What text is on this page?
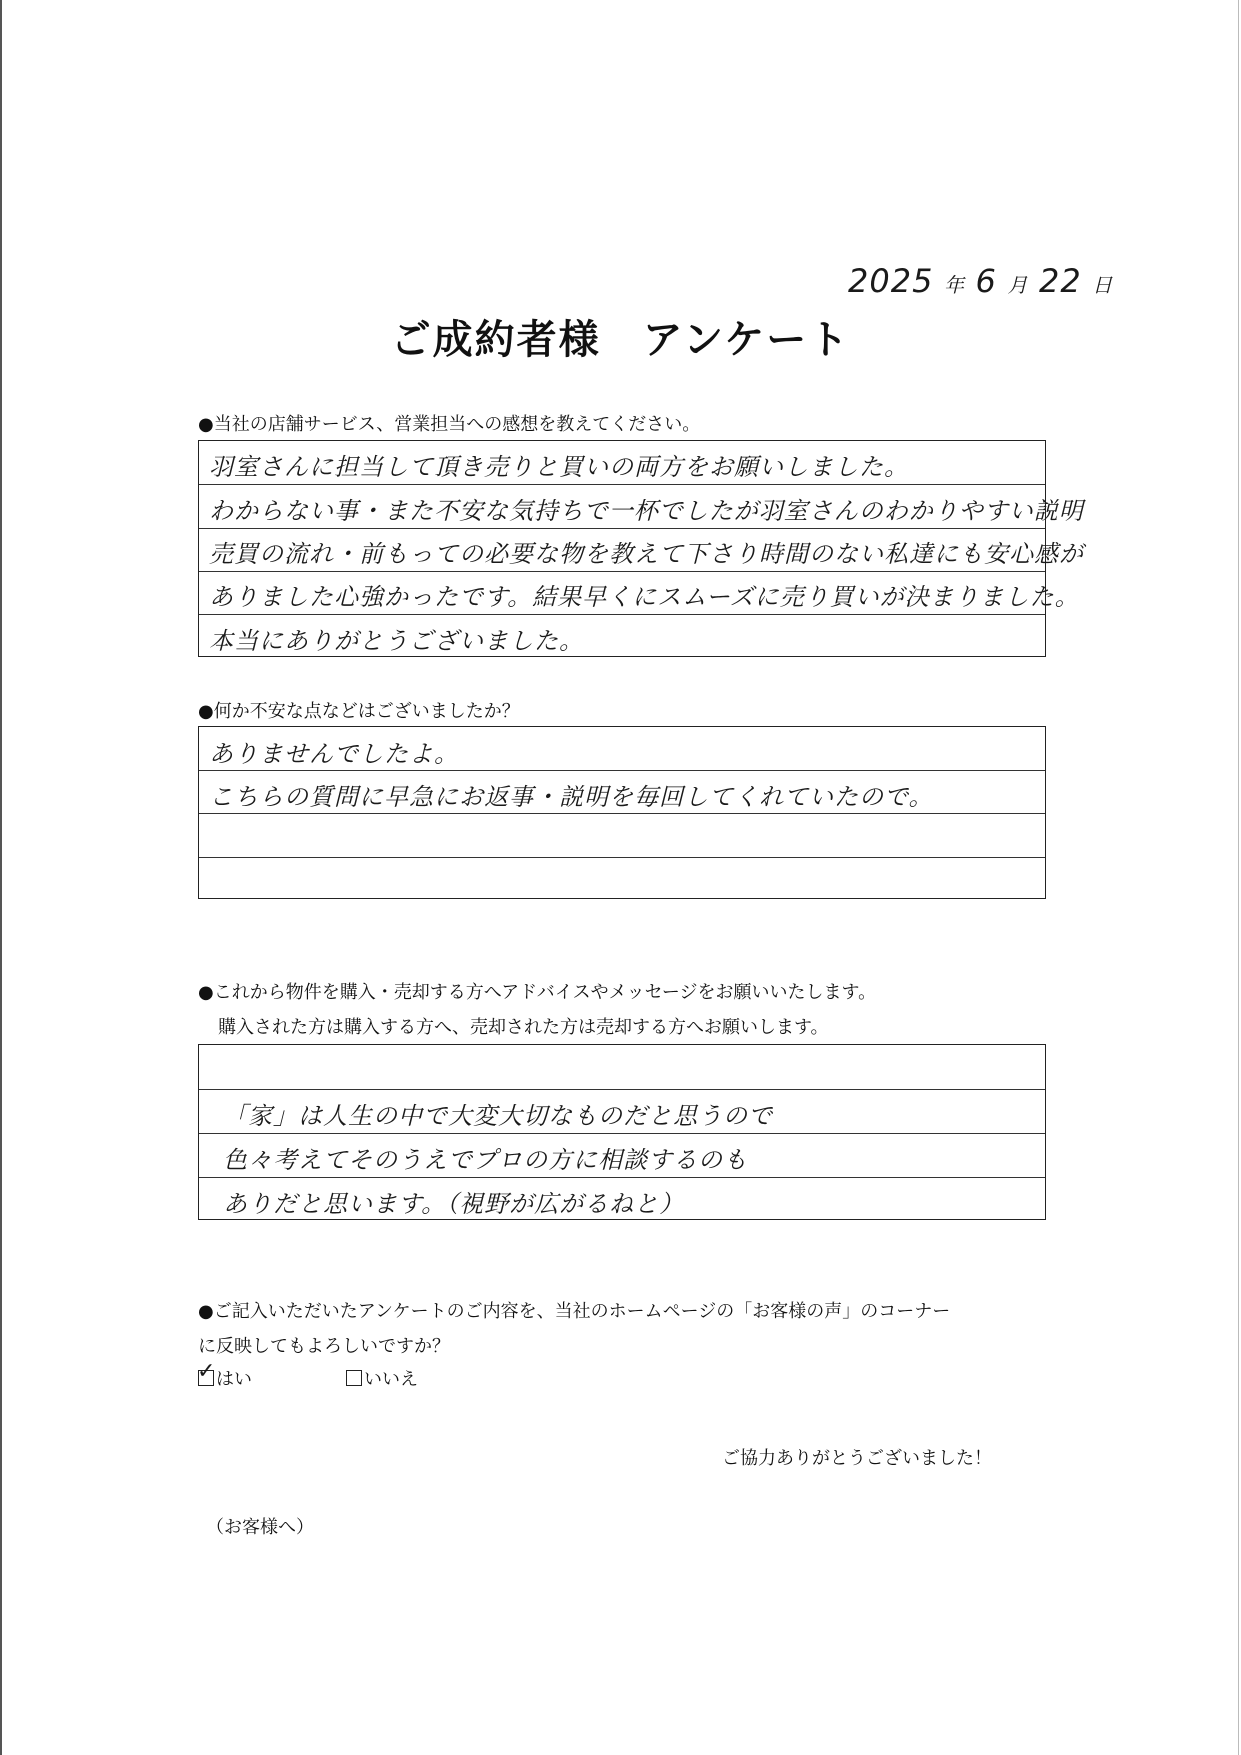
2025 年 6 月 22 日
ご成約者様　アンケート
●当社の店舗サービス、営業担当への感想を教えてください。
羽室さんに担当して頂き売りと買いの両方をお願いしました。
わからない事・また不安な気持ちで一杯でしたが羽室さんのわかりやすい説明
売買の流れ・前もっての必要な物を教えて下さり時間のない私達にも安心感が
ありました心強かったです。結果早くにスムーズに売り買いが決まりました。
本当にありがとうございました。
●何か不安な点などはございましたか？
ありませんでしたよ。
こちらの質問に早急にお返事・説明を毎回してくれていたので。
●これから物件を購入・売却する方へアドバイスやメッセージをお願いいたします。
購入された方は購入する方へ、売却された方は売却する方へお願いします。
「家」は人生の中で大変大切なものだと思うので
色々考えてそのうえでプロの方に相談するのも
ありだと思います。（視野が広がるねと）
●ご記入いただいたアンケートのご内容を、当社のホームページの「お客様の声」のコーナー
に反映してもよろしいですか？
✓ はい	いいえ
ご協力ありがとうございました！
（お客様へ）
